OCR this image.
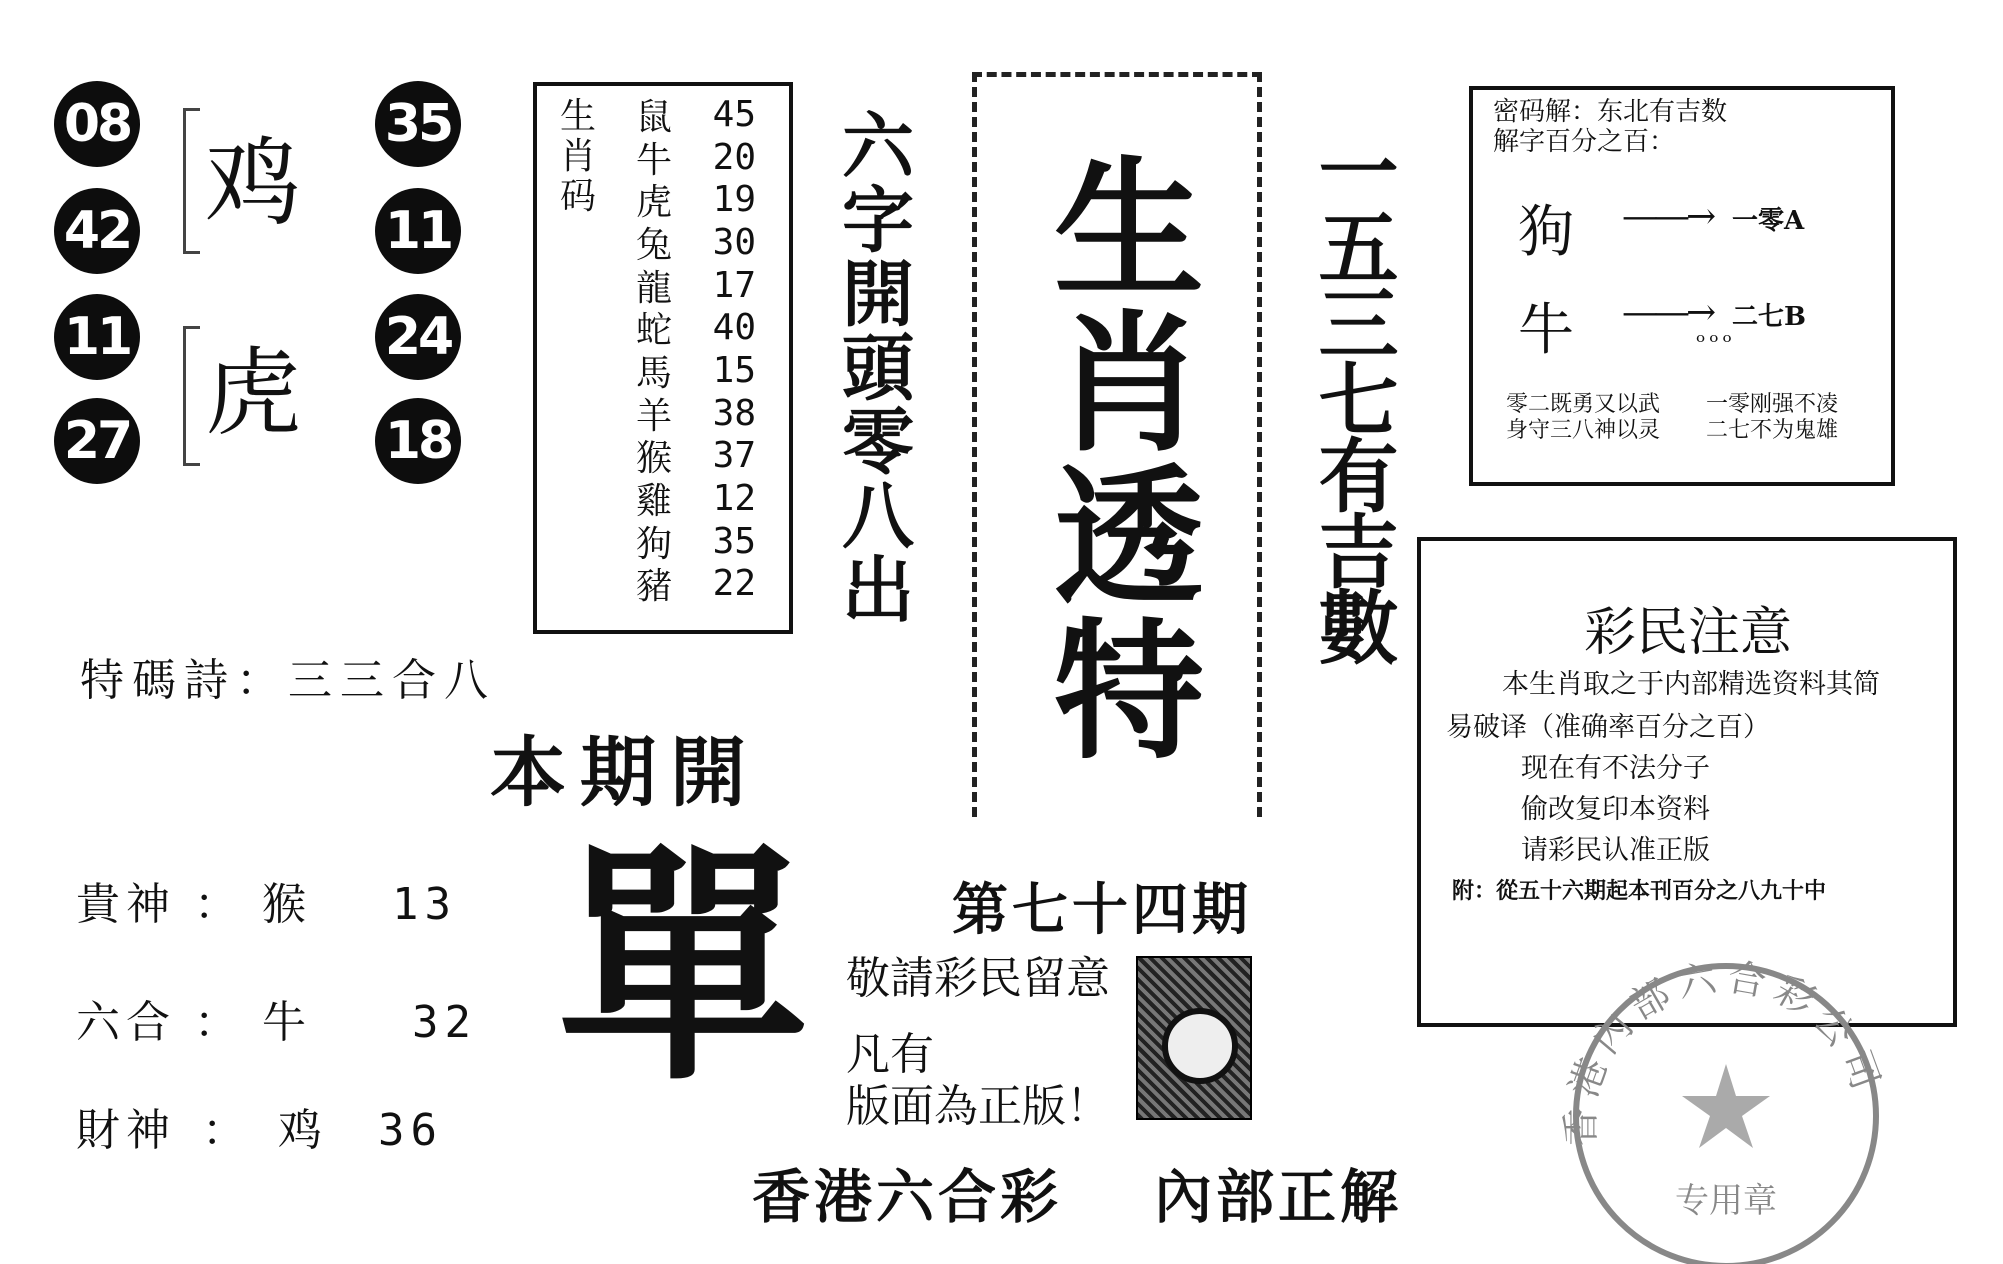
08
42
11
27
鸡
虎
35
11
24
18
生
肖
码
鼠 45
牛 20
虎 19
兔 30
龍 17
蛇 40
馬 15
羊 38
猴 37
雞 12
狗 35
豬 22 六字開頭零八出 生肖透特 一五三七有吉數
密码解：东北有吉数
解字百分之百：
狗 ——→ 一零A
牛 ——→ 二七B
ᵒᵒᵒ
零二既勇又以武
身守三八神以灵
一零刚强不凌
二七不为鬼雄
彩民注意
本生肖取之于内部精选资料其简
易破译（准确率百分之百）
现在有不法分子
偷改复印本资料
请彩民认准正版
附：從五十六期起本刊百分之八九十中
特碼詩：三三合八
本期開
單
貴神 ： 猴 13
六合 ： 牛 32
財神 ： 鸡 36
第七十四期
敬請彩民留意
凡有
版面為正版！
香港六合彩 內部正解
香港內部六合彩公司
专用章
